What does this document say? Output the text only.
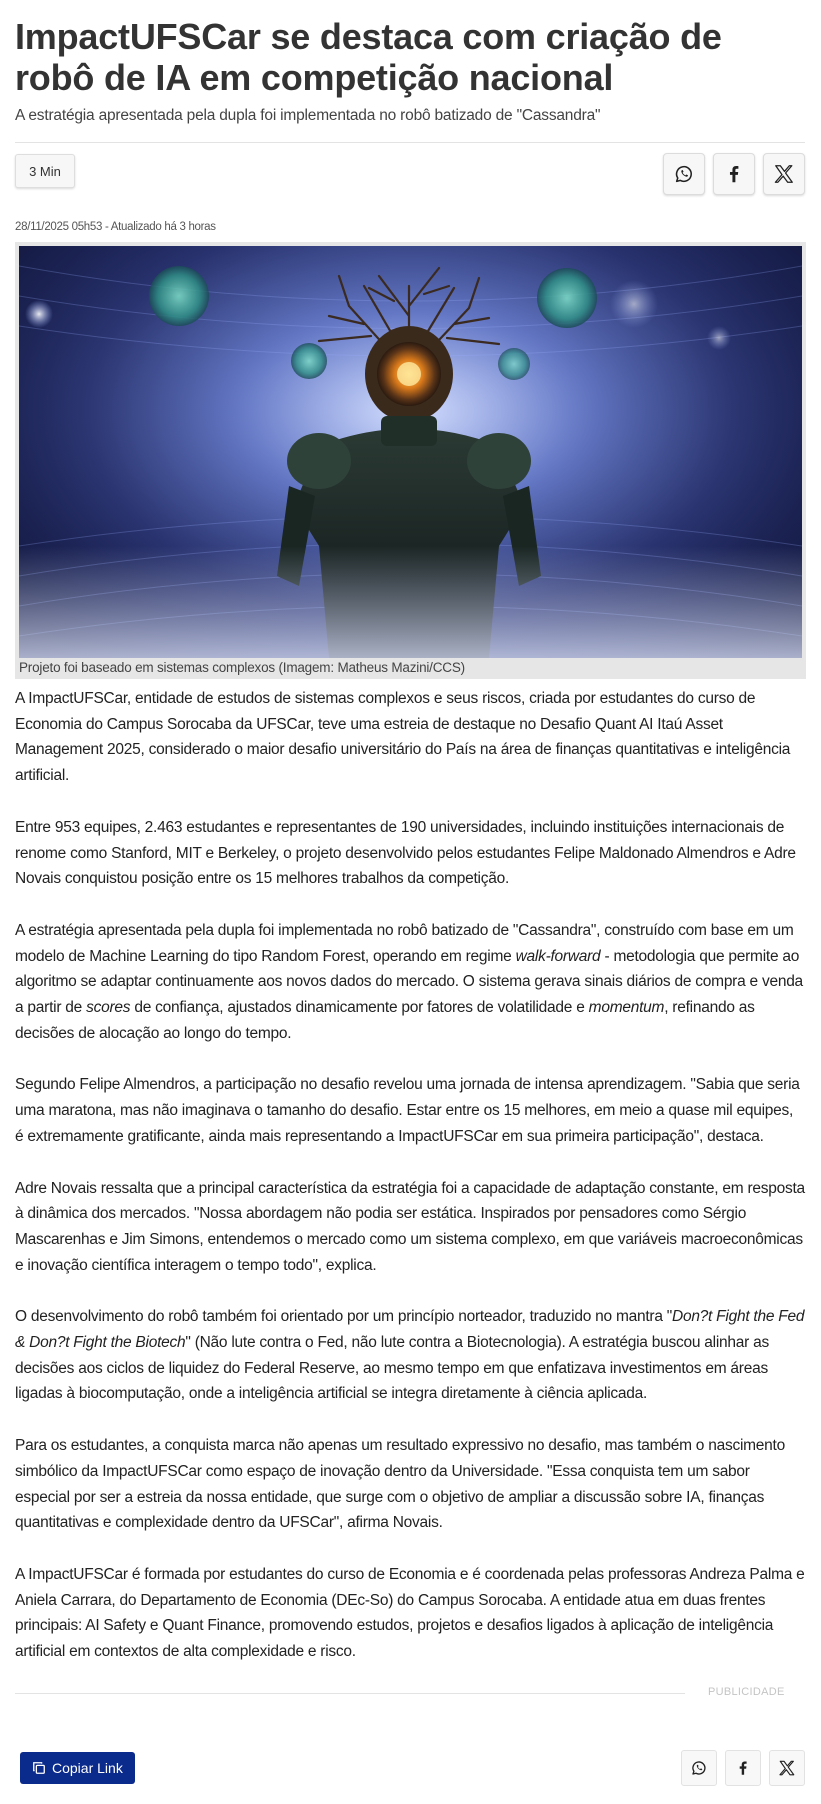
ImpactUFSCar se destaca com criação de robô de IA em competição nacional

A estratégia apresentada pela dupla foi implementada no robô batizado de "Cassandra"

3 Min
28/11/2025 05h53 - Atualizado há 3 horas
Projeto foi baseado em sistemas complexos (Imagem: Matheus Mazini/CCS)

A ImpactUFSCar, entidade de estudos de sistemas complexos e seus riscos, criada por estudantes do curso de Economia do Campus Sorocaba da UFSCar, teve uma estreia de destaque no Desafio Quant AI Itaú Asset Management 2025, considerado o maior desafio universitário do País na área de finanças quantitativas e inteligência artificial.

Entre 953 equipes, 2.463 estudantes e representantes de 190 universidades, incluindo instituições internacionais de renome como Stanford, MIT e Berkeley, o projeto desenvolvido pelos estudantes Felipe Maldonado Almendros e Adre Novais conquistou posição entre os 15 melhores trabalhos da competição.

A estratégia apresentada pela dupla foi implementada no robô batizado de "Cassandra", construído com base em um modelo de Machine Learning do tipo Random Forest, operando em regime walk-forward - metodologia que permite ao algoritmo se adaptar continuamente aos novos dados do mercado. O sistema gerava sinais diários de compra e venda a partir de scores de confiança, ajustados dinamicamente por fatores de volatilidade e momentum, refinando as decisões de alocação ao longo do tempo.

Segundo Felipe Almendros, a participação no desafio revelou uma jornada de intensa aprendizagem. "Sabia que seria uma maratona, mas não imaginava o tamanho do desafio. Estar entre os 15 melhores, em meio a quase mil equipes, é extremamente gratificante, ainda mais representando a ImpactUFSCar em sua primeira participação", destaca.

Adre Novais ressalta que a principal característica da estratégia foi a capacidade de adaptação constante, em resposta à dinâmica dos mercados. "Nossa abordagem não podia ser estática. Inspirados por pensadores como Sérgio Mascarenhas e Jim Simons, entendemos o mercado como um sistema complexo, em que variáveis macroeconômicas e inovação científica interagem o tempo todo", explica.

O desenvolvimento do robô também foi orientado por um princípio norteador, traduzido no mantra "Don?t Fight the Fed & Don?t Fight the Biotech" (Não lute contra o Fed, não lute contra a Biotecnologia). A estratégia buscou alinhar as decisões aos ciclos de liquidez do Federal Reserve, ao mesmo tempo em que enfatizava investimentos em áreas ligadas à biocomputação, onde a inteligência artificial se integra diretamente à ciência aplicada.

Para os estudantes, a conquista marca não apenas um resultado expressivo no desafio, mas também o nascimento simbólico da ImpactUFSCar como espaço de inovação dentro da Universidade. "Essa conquista tem um sabor especial por ser a estreia da nossa entidade, que surge com o objetivo de ampliar a discussão sobre IA, finanças quantitativas e complexidade dentro da UFSCar", afirma Novais.

A ImpactUFSCar é formada por estudantes do curso de Economia e é coordenada pelas professoras Andreza Palma e Aniela Carrara, do Departamento de Economia (DEc-So) do Campus Sorocaba. A entidade atua em duas frentes principais: AI Safety e Quant Finance, promovendo estudos, projetos e desafios ligados à aplicação de inteligência artificial em contextos de alta complexidade e risco.

PUBLICIDADE
Copiar Link
